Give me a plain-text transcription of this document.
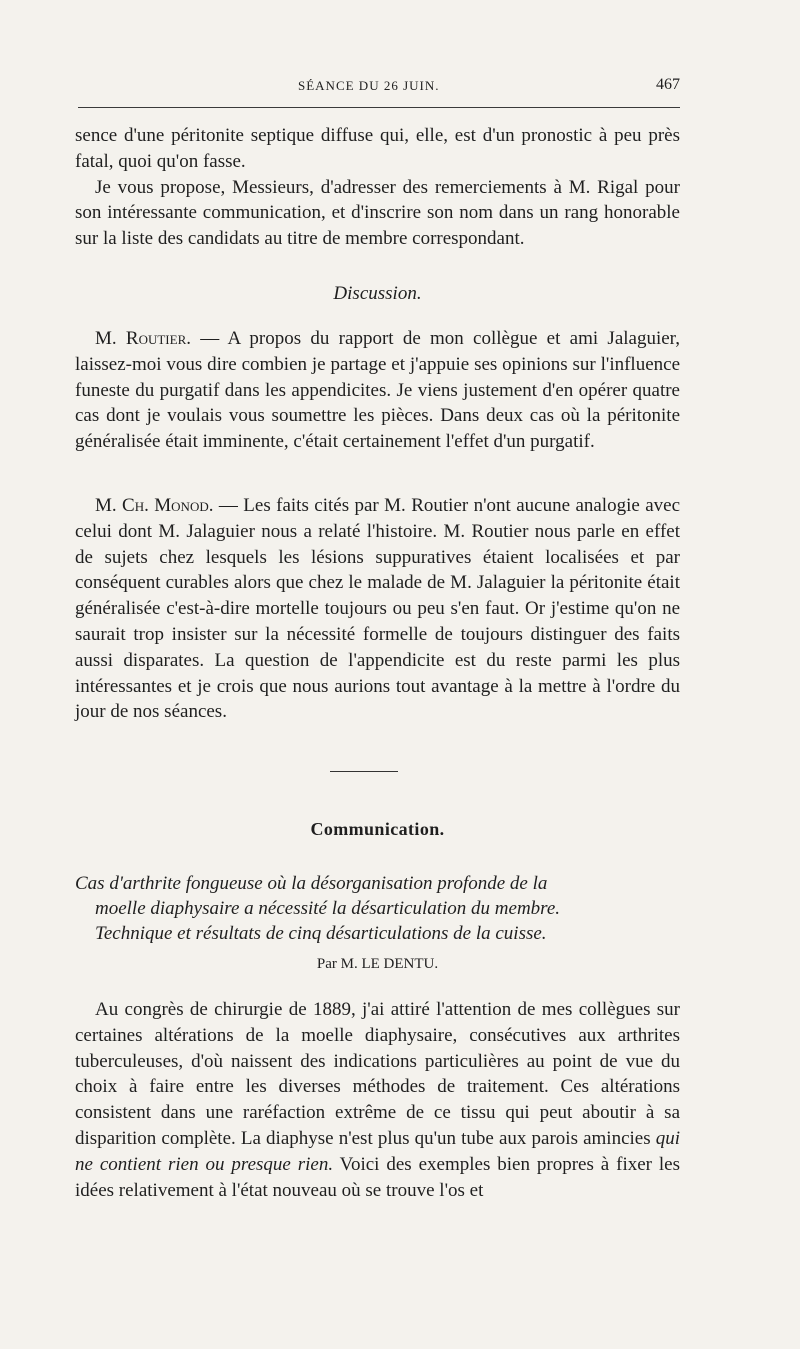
SÉANCE DU 26 JUIN.	467

sence d'une péritonite septique diffuse qui, elle, est d'un pronostic à peu près fatal, quoi qu'on fasse.

Je vous propose, Messieurs, d'adresser des remerciements à M. Rigal pour son intéressante communication, et d'inscrire son nom dans un rang honorable sur la liste des candidats au titre de membre correspondant.

Discussion.

M. Routier. — A propos du rapport de mon collègue et ami Jalaguier, laissez-moi vous dire combien je partage et j'appuie ses opinions sur l'influence funeste du purgatif dans les appendicites. Je viens justement d'en opérer quatre cas dont je voulais vous soumettre les pièces. Dans deux cas où la péritonite généralisée était imminente, c'était certainement l'effet d'un purgatif.

M. Ch. Monod. — Les faits cités par M. Routier n'ont aucune analogie avec celui dont M. Jalaguier nous a relaté l'histoire. M. Routier nous parle en effet de sujets chez lesquels les lésions suppuratives étaient localisées et par conséquent curables alors que chez le malade de M. Jalaguier la péritonite était généralisée c'est-à-dire mortelle toujours ou peu s'en faut. Or j'estime qu'on ne saurait trop insister sur la nécessité formelle de toujours distinguer des faits aussi disparates. La question de l'appendicite est du reste parmi les plus intéressantes et je crois que nous aurions tout avantage à la mettre à l'ordre du jour de nos séances.

Communication.
Cas d'arthrite fongueuse où la désorganisation profonde de la
moelle diaphysaire a nécessité la désarticulation du membre.
Technique et résultats de cinq désarticulations de la cuisse.
Par M. LE DENTU.

Au congrès de chirurgie de 1889, j'ai attiré l'attention de mes collègues sur certaines altérations de la moelle diaphysaire, consécutives aux arthrites tuberculeuses, d'où naissent des indications particulières au point de vue du choix à faire entre les diverses méthodes de traitement. Ces altérations consistent dans une raréfaction extrême de ce tissu qui peut aboutir à sa disparition complète. La diaphyse n'est plus qu'un tube aux parois amincies qui ne contient rien ou presque rien. Voici des exemples bien propres à fixer les idées relativement à l'état nouveau où se trouve l'os et
